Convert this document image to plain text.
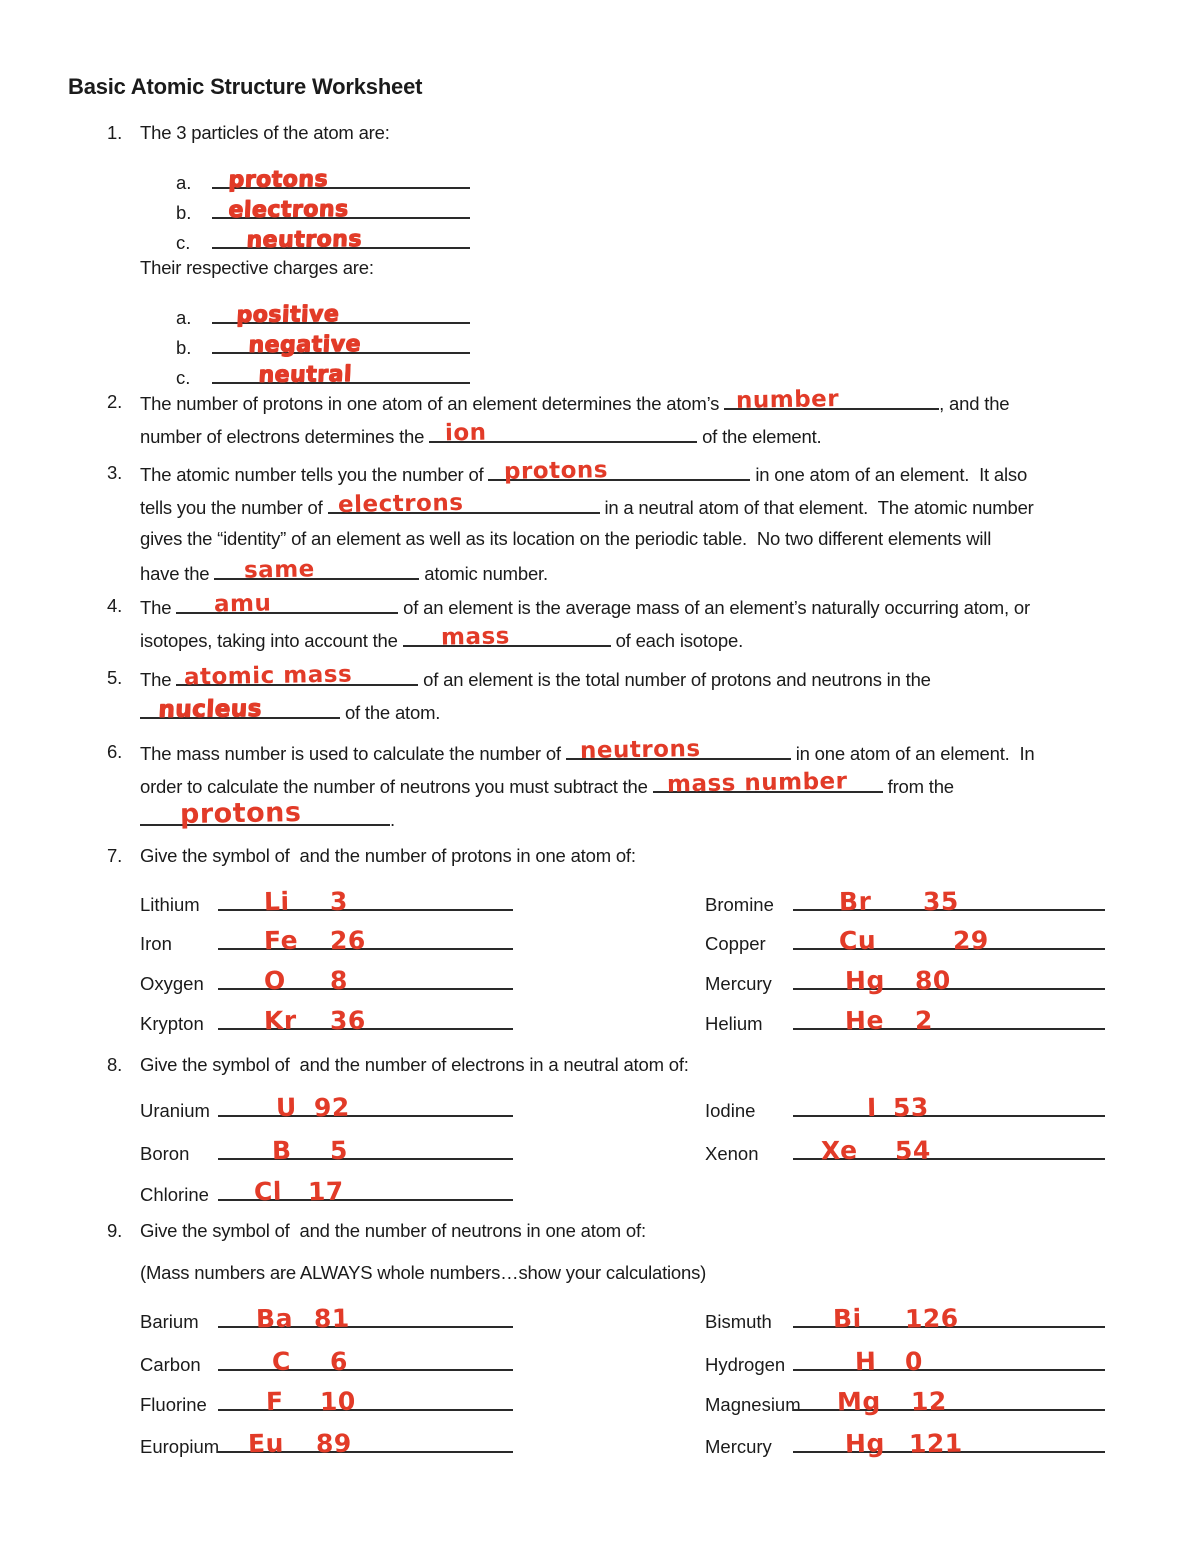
Basic Atomic Structure Worksheet
1. The 3 particles of the atom are:
a. protons
b. electrons
c.	neutrons
Their respective charges are:
a. positive
b.	negative
c.	neutral
2. The number of protons in one atom of an element determines the atom’s number	, and the
number of electrons determines the ion	of the element.
3. The atomic number tells you the number of protons	in one atom of an element.  It also
tells you the number of electrons	in a neutral atom of that element.  The atomic number
gives the “identity” of an element as well as its location on the periodic table.  No two different elements will
have the same	atomic number.
4. The amu	of an element is the average mass of an element’s naturally occurring atom, or
isotopes, taking into account the mass	of each isotope.
5. The atomic mass	of an element is the total number of protons and neutrons in the
nucleus	of the atom.
6. The mass number is used to calculate the number of neutrons	in one atom of an element.  In
order to calculate the number of neutrons you must subtract the mass number from the
protons	.
7. Give the symbol of  and the number of protons in one atom of:
Lithium	Li 3
Iron	Fe 26
Oxygen O 8
Krypton Kr 36
Bromine	Br 35
Copper	Cu	29
Mercury	Hg 80
Helium	He 2
8. Give the symbol of  and the number of electrons in a neutral atom of:
Uranium	U 92
Boron	B 5
Chlorine Cl 17
Iodine	I 53
Xenon Xe 54
9. Give the symbol of  and the number of neutrons in one atom of:
(Mass numbers are ALWAYS whole numbers…show your calculations)
Barium Ba 81
Carbon	C 6
Fluorine F 10
Europium Eu 89
Bismuth Bi 126
Hydrogen	H 0
Magnesium Mg 12
Mercury	Hg 121
